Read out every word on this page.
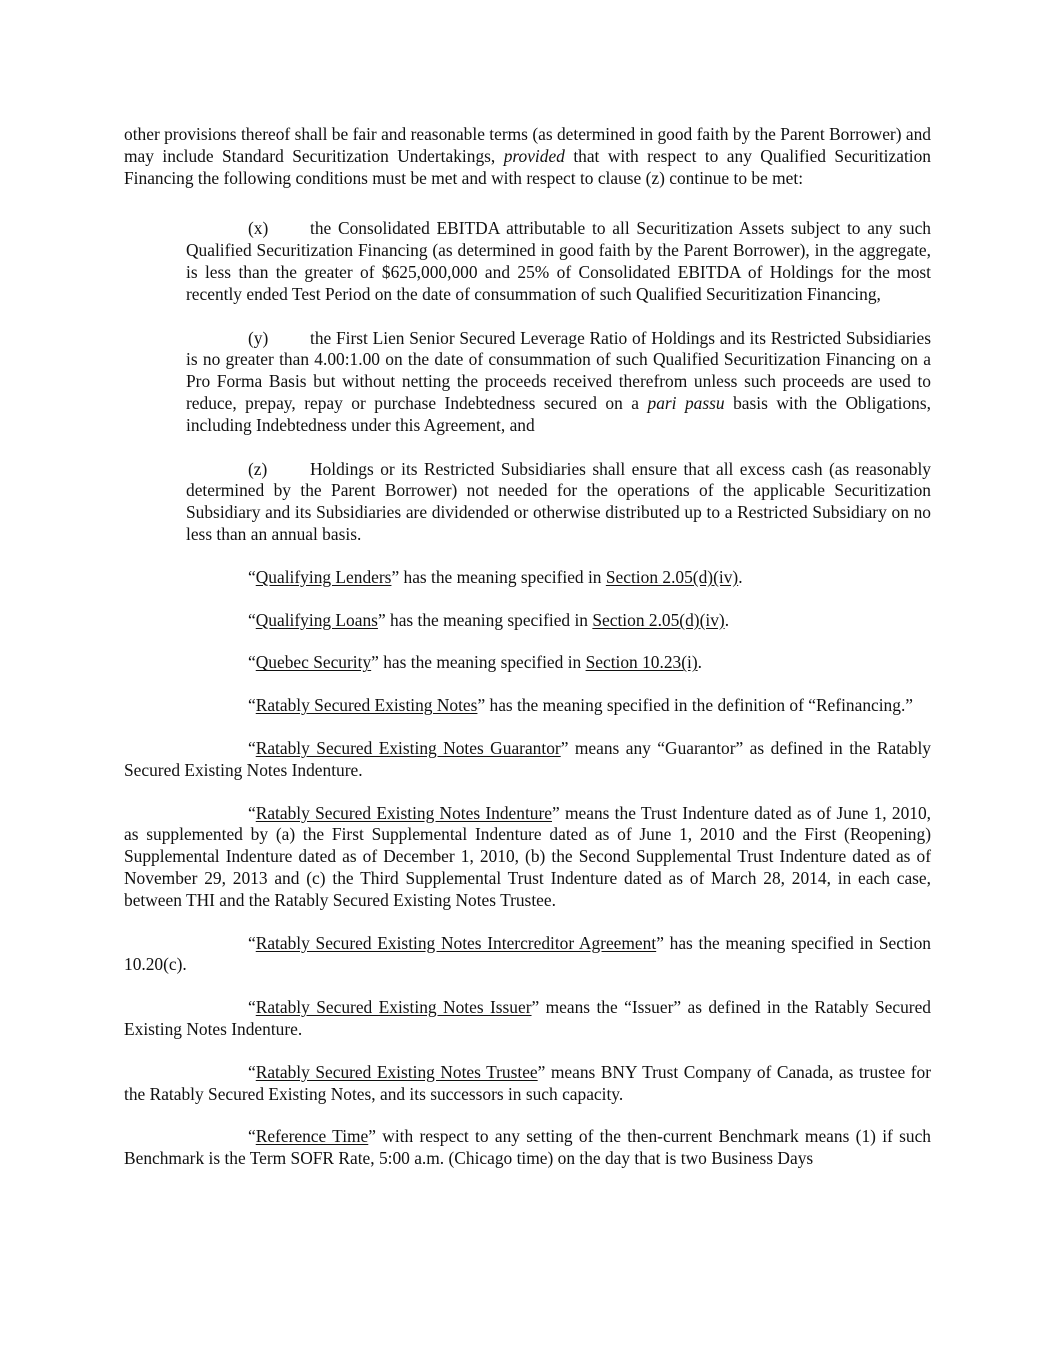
other provisions thereof shall be fair and reasonable terms (as determined in good faith by the Parent Borrower) and may include Standard Securitization Undertakings, provided that with respect to any Qualified Securitization Financing the following conditions must be met and with respect to clause (z) continue to be met:

(x) the Consolidated EBITDA attributable to all Securitization Assets subject to any such Qualified Securitization Financing (as determined in good faith by the Parent Borrower), in the aggregate, is less than the greater of $625,000,000 and 25% of Consolidated EBITDA of Holdings for the most recently ended Test Period on the date of consummation of such Qualified Securitization Financing,

(y) the First Lien Senior Secured Leverage Ratio of Holdings and its Restricted Subsidiaries is no greater than 4.00:1.00 on the date of consummation of such Qualified Securitization Financing on a Pro Forma Basis but without netting the proceeds received therefrom unless such proceeds are used to reduce, prepay, repay or purchase Indebtedness secured on a pari passu basis with the Obligations, including Indebtedness under this Agreement, and

(z) Holdings or its Restricted Subsidiaries shall ensure that all excess cash (as reasonably determined by the Parent Borrower) not needed for the operations of the applicable Securitization Subsidiary and its Subsidiaries are dividended or otherwise distributed up to a Restricted Subsidiary on no less than an annual basis.

“Qualifying Lenders” has the meaning specified in Section 2.05(d)(iv).

“Qualifying Loans” has the meaning specified in Section 2.05(d)(iv).

“Quebec Security” has the meaning specified in Section 10.23(i).

“Ratably Secured Existing Notes” has the meaning specified in the definition of “Refinancing.”

“Ratably Secured Existing Notes Guarantor” means any “Guarantor” as defined in the Ratably Secured Existing Notes Indenture.

“Ratably Secured Existing Notes Indenture” means the Trust Indenture dated as of June 1, 2010, as supplemented by (a) the First Supplemental Indenture dated as of June 1, 2010 and the First (Reopening) Supplemental Indenture dated as of December 1, 2010, (b) the Second Supplemental Trust Indenture dated as of November 29, 2013 and (c) the Third Supplemental Trust Indenture dated as of March 28, 2014, in each case, between THI and the Ratably Secured Existing Notes Trustee.

“Ratably Secured Existing Notes Intercreditor Agreement” has the meaning specified in Section 10.20(c).

“Ratably Secured Existing Notes Issuer” means the “Issuer” as defined in the Ratably Secured Existing Notes Indenture.

“Ratably Secured Existing Notes Trustee” means BNY Trust Company of Canada, as trustee for the Ratably Secured Existing Notes, and its successors in such capacity.

“Reference Time” with respect to any setting of the then-current Benchmark means (1) if such Benchmark is the Term SOFR Rate, 5:00 a.m. (Chicago time) on the day that is two Business Days
